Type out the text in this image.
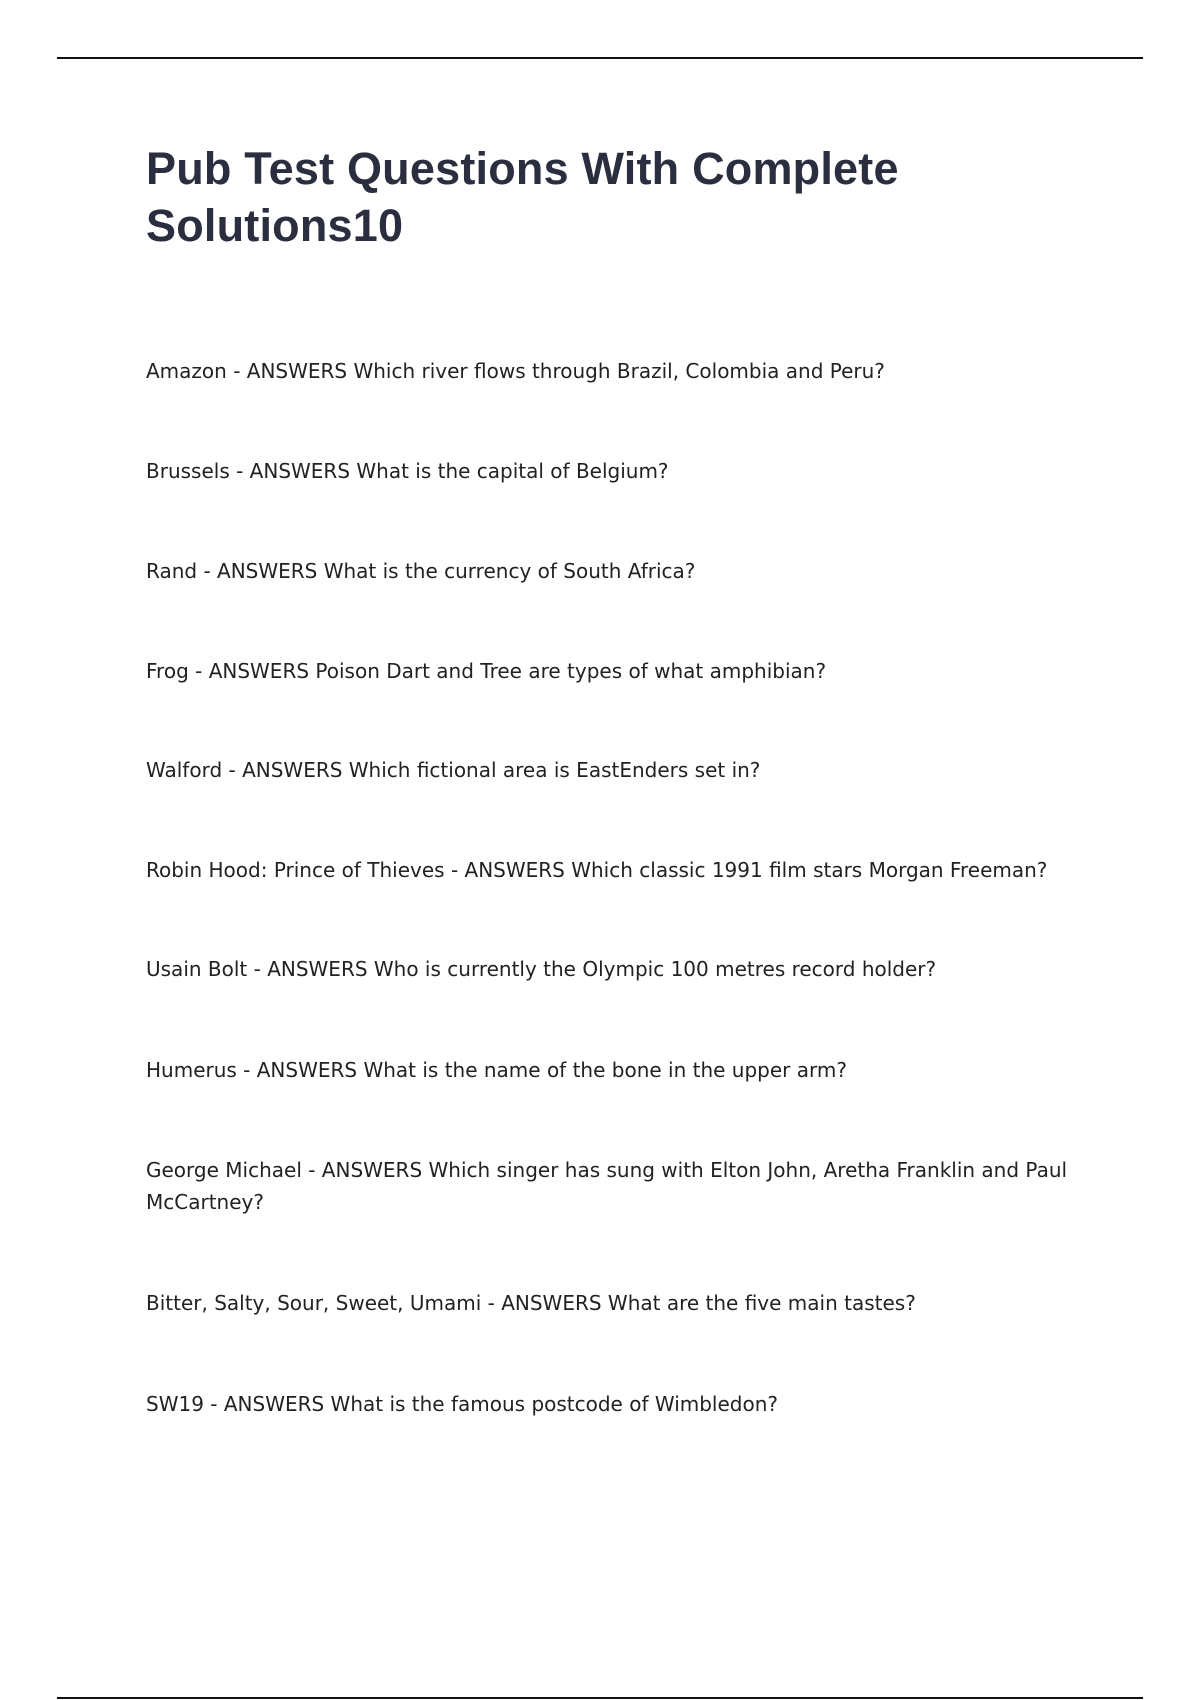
Pub Test Questions With Complete Solutions10
Amazon - ANSWERS Which river flows through Brazil, Colombia and Peru?
Brussels - ANSWERS What is the capital of Belgium?
Rand - ANSWERS What is the currency of South Africa?
Frog - ANSWERS Poison Dart and Tree are types of what amphibian?
Walford - ANSWERS Which fictional area is EastEnders set in?
Robin Hood: Prince of Thieves - ANSWERS Which classic 1991 film stars Morgan Freeman?
Usain Bolt - ANSWERS Who is currently the Olympic 100 metres record holder?
Humerus - ANSWERS What is the name of the bone in the upper arm?
George Michael - ANSWERS Which singer has sung with Elton John, Aretha Franklin and Paul McCartney?
Bitter, Salty, Sour, Sweet, Umami - ANSWERS What are the five main tastes?
SW19 - ANSWERS What is the famous postcode of Wimbledon?
